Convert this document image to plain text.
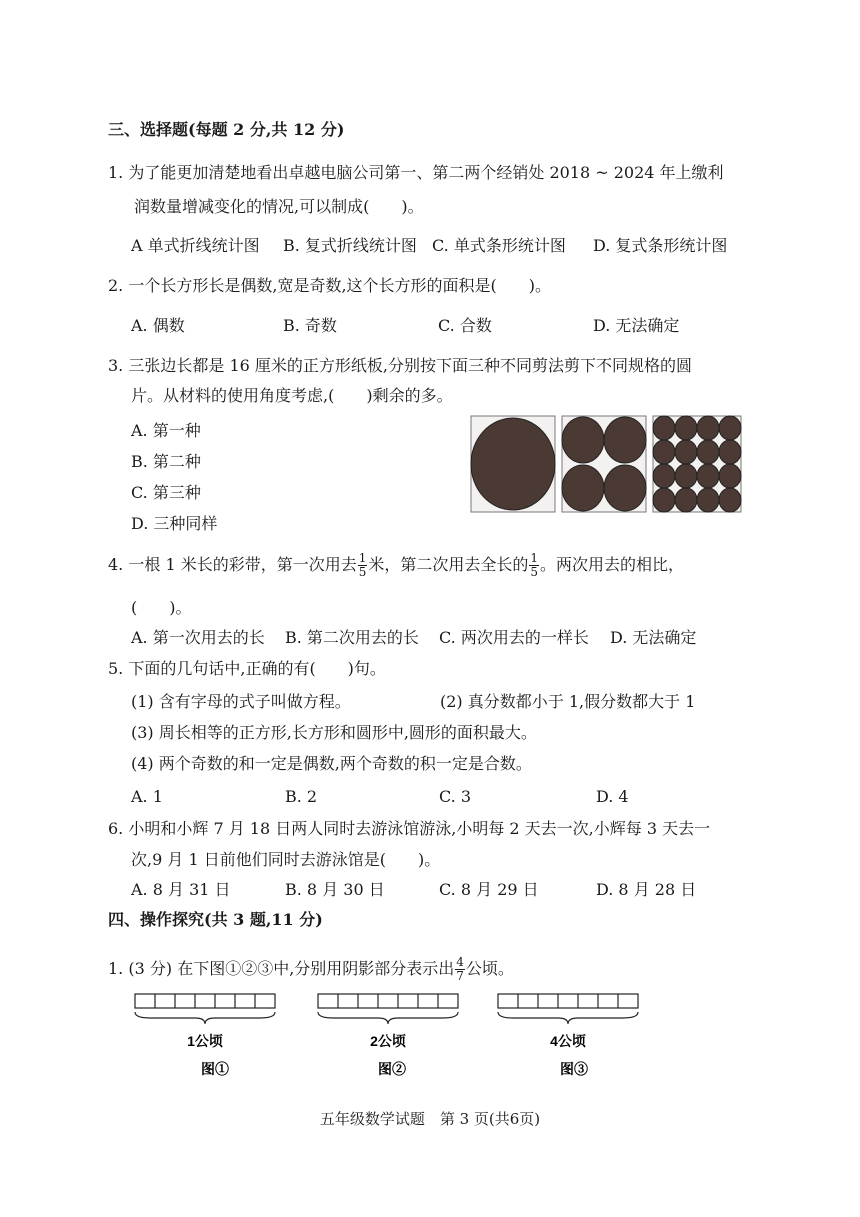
三、选择题(每题 2 分,共 12 分)
1. 为了能更加清楚地看出卓越电脑公司第一、第二两个经销处 2018 ~ 2024 年上缴利
润数量增减变化的情况,可以制成(　　)。
A 单式折线统计图 B. 复式折线统计图 C. 单式条形统计图 D. 复式条形统计图
2. 一个长方形长是偶数,宽是奇数,这个长方形的面积是(　　)。
A. 偶数	B. 奇数	C. 合数	D. 无法确定
3. 三张边长都是 16 厘米的正方形纸板,分别按下面三种不同剪法剪下不同规格的圆
片。从材料的使用角度考虑,(　　)剩余的多。
A. 第一种
B. 第二种
C. 第三种
D. 三种同样
4. 一根 1 米长的彩带，第一次用去 $\frac{1}{5}$ 米，第二次用去全长的 $\frac{1}{5}$ 。两次用去的相比，
(　　)。
A. 第一次用去的长 B. 第二次用去的长 C. 两次用去的一样长 D. 无法确定
5. 下面的几句话中,正确的有(　　)句。
(1) 含有字母的式子叫做方程。	(2) 真分数都小于 1,假分数都大于 1
(3) 周长相等的正方形,长方形和圆形中,圆形的面积最大。
(4) 两个奇数的和一定是偶数,两个奇数的积一定是合数。
A. 1	B. 2	C. 3	D. 4
6. 小明和小辉 7 月 18 日两人同时去游泳馆游泳,小明每 2 天去一次,小辉每 3 天去一
次,9 月 1 日前他们同时去游泳馆是(　　)。
A. 8 月 31 日	B. 8 月 30 日	C. 8 月 29 日	D. 8 月 28 日
四、操作探究(共 3 题,11 分)
1. (3 分) 在下图①②③中,分别用阴影部分表示出 $\frac{4}{7}$ 公顷。
1公顷	2公顷	4公顷
图①	图②	图③
五年级数学试题　第 3 页(共6页)
